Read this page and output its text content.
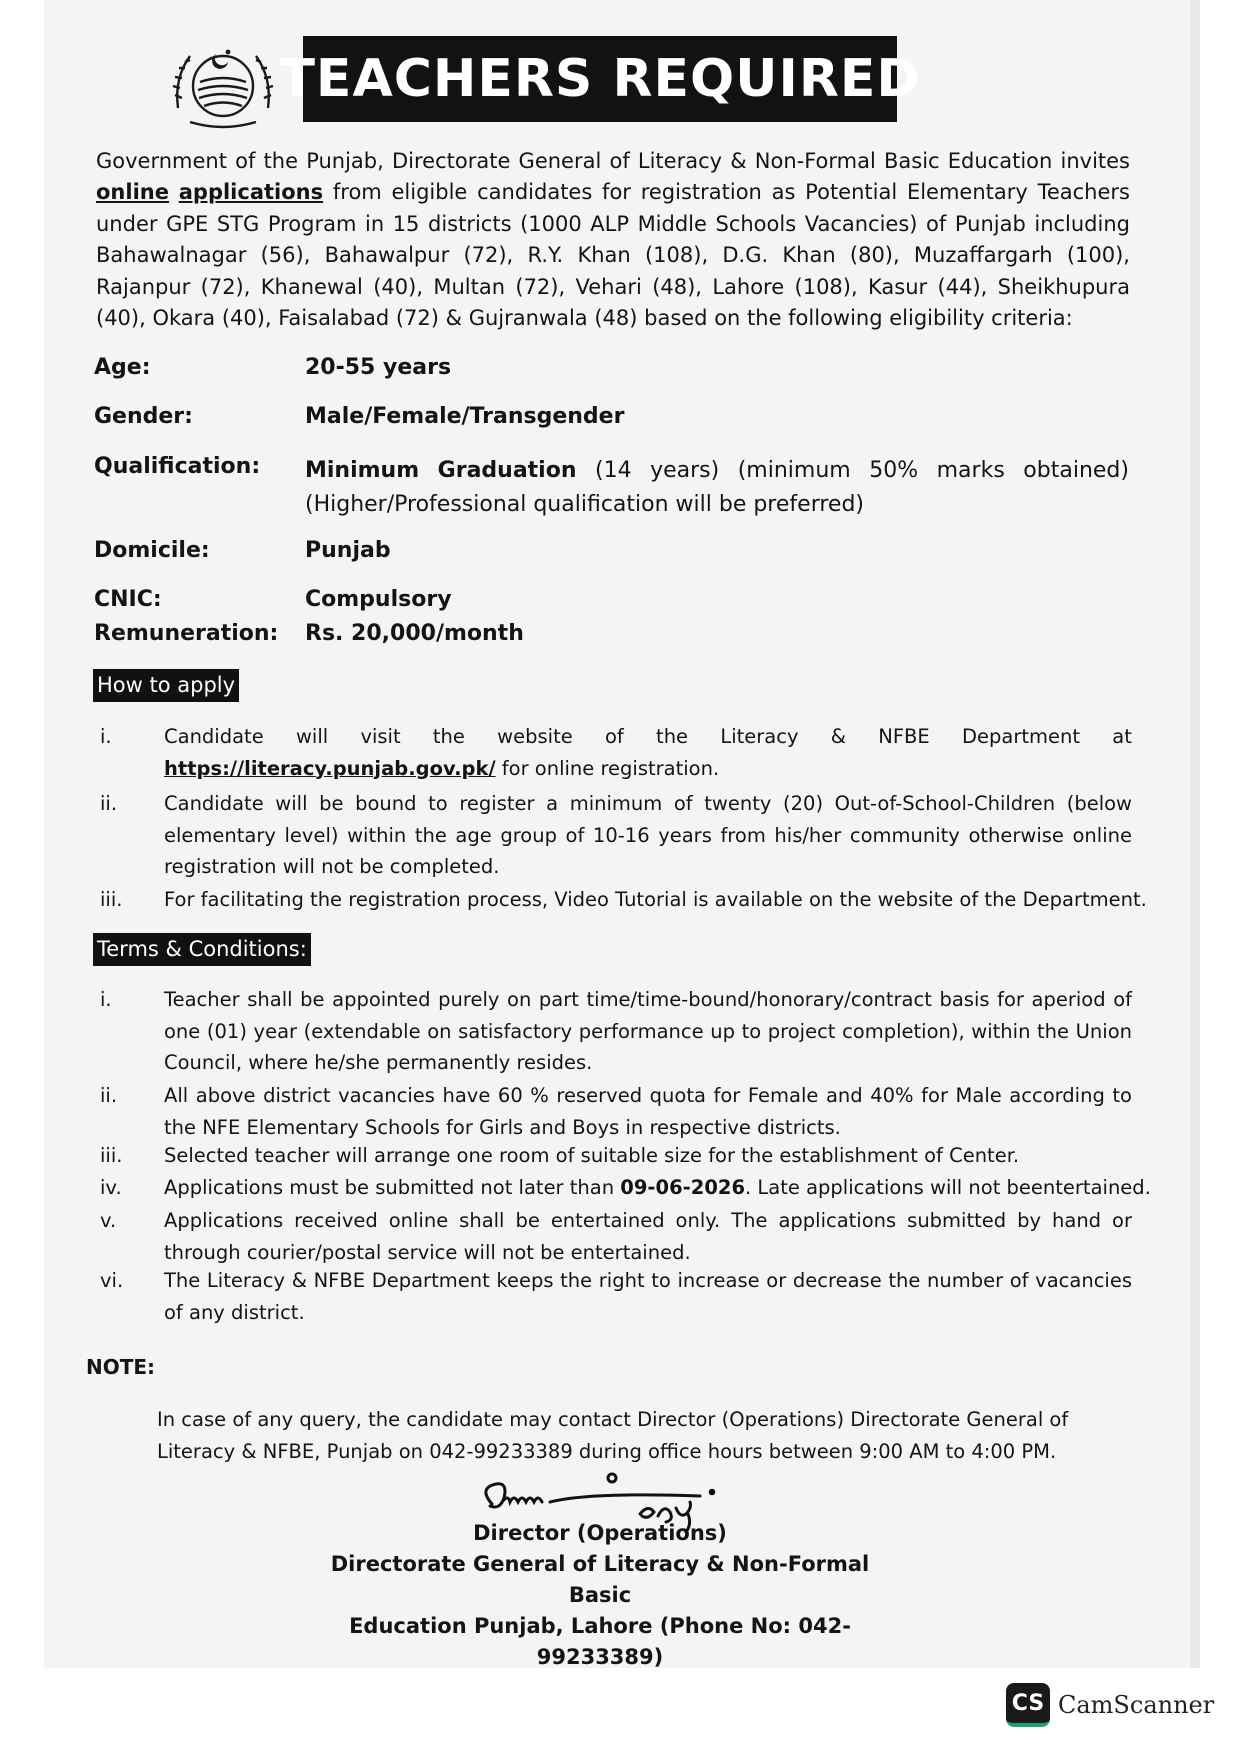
TEACHERS REQUIRED

Government of the Punjab, Directorate General of Literacy & Non-Formal Basic Education invites online applications from eligible candidates for registration as Potential Elementary Teachers under GPE STG Program in 15 districts (1000 ALP Middle Schools Vacancies) of Punjab including Bahawalnagar (56), Bahawalpur (72), R.Y. Khan (108), D.G. Khan (80), Muzaffargarh (100), Rajanpur (72), Khanewal (40), Multan (72), Vehari (48), Lahore (108), Kasur (44), Sheikhupura (40), Okara (40), Faisalabad (72) & Gujranwala (48) based on the following eligibility criteria:

Age:	20-55 years
Gender:	Male/Female/Transgender
Qualification: Minimum Graduation (14 years) (minimum 50% marks obtained)
(Higher/Professional qualification will be preferred)
Domicile:	Punjab
CNIC:	Compulsory
Remuneration: Rs. 20,000/month
How to apply
i.	Candidate will visit the website of the Literacy & NFBE Department at
https://literacy.punjab.gov.pk/ for online registration.
ii.	Candidate will be bound to register a minimum of twenty (20) Out-of-School-Children (below elementary level) within the age group of 10-16 years from his/her community otherwise online registration will not be completed.
iii.	For facilitating the registration process, Video Tutorial is available on the website of the Department.
Terms & Conditions:
i.	Teacher shall be appointed purely on part time/time-bound/honorary/contract basis for aperiod of one (01) year (extendable on satisfactory performance up to project completion), within the Union Council, where he/she permanently resides.
ii.	All above district vacancies have 60 % reserved quota for Female and 40% for Male according to the NFE Elementary Schools for Girls and Boys in respective districts.
iii.	Selected teacher will arrange one room of suitable size for the establishment of Center.
iv.	Applications must be submitted not later than 09-06-2026. Late applications will not beentertained.
v.	Applications received online shall be entertained only. The applications submitted by hand or through courier/postal service will not be entertained.
vi.	The Literacy & NFBE Department keeps the right to increase or decrease the number of vacancies of any district.
NOTE:

In case of any query, the candidate may contact Director (Operations) Directorate General of Literacy & NFBE, Punjab on 042-99233389 during office hours between 9:00 AM to 4:00 PM.

Director (Operations)
Directorate General of Literacy & Non-Formal Basic
Education Punjab, Lahore (Phone No: 042-99233389)
CS CamScanner
